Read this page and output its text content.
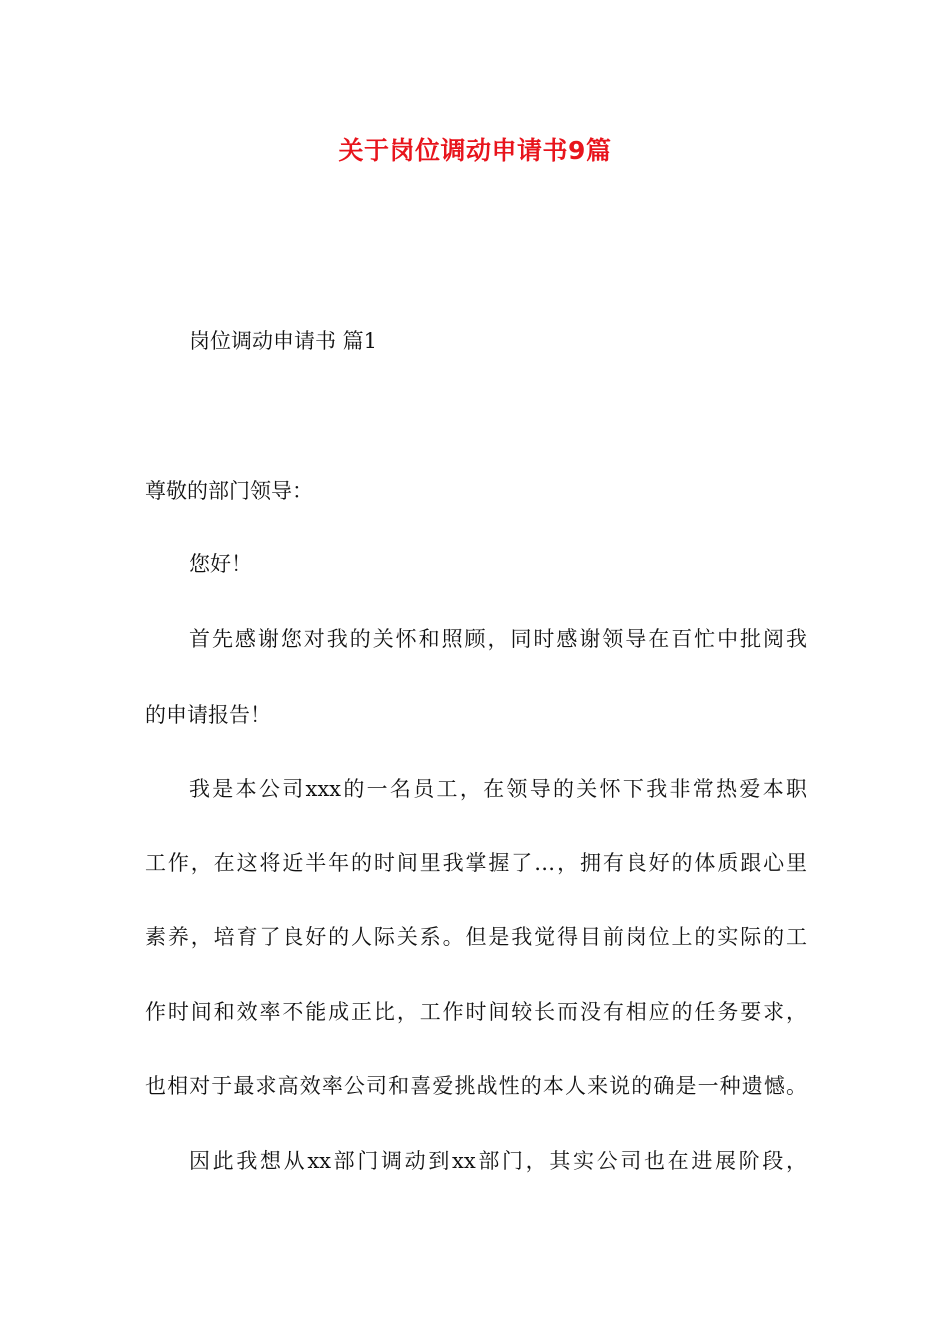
关于岗位调动申请书9篇
岗位调动申请书 篇1
尊敬的部门领导：
您好！
首先感谢您对我的关怀和照顾，同时感谢领导在百忙中批阅我
的申请报告！
我是本公司xxx的一名员工，在领导的关怀下我非常热爱本职
工作，在这将近半年的时间里我掌握了…，拥有良好的体质跟心里
素养，培育了良好的人际关系。但是我觉得目前岗位上的实际的工
作时间和效率不能成正比，工作时间较长而没有相应的任务要求，
也相对于最求高效率公司和喜爱挑战性的本人来说的确是一种遗憾。
因此我想从xx部门调动到xx部门，其实公司也在进展阶段，
